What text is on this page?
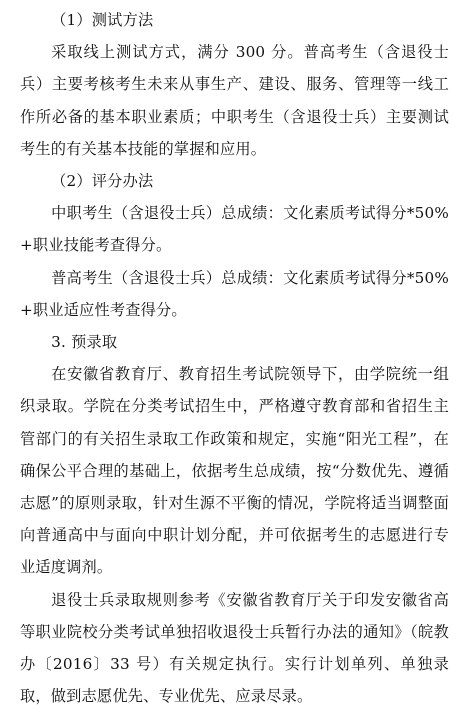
（1）测试方法

采取线上测试方式，满分 300 分。普高考生（含退役士兵）主要考核考生未来从事生产、建设、服务、管理等一线工作所必备的基本职业素质；中职考生（含退役士兵）主要测试考生的有关基本技能的掌握和应用。

（2）评分办法

中职考生（含退役士兵）总成绩：文化素质考试得分*50%+职业技能考查得分。

普高考生（含退役士兵）总成绩：文化素质考试得分*50%+职业适应性考查得分。

3. 预录取

在安徽省教育厅、教育招生考试院领导下，由学院统一组织录取。学院在分类考试招生中，严格遵守教育部和省招生主管部门的有关招生录取工作政策和规定，实施“阳光工程”，在确保公平合理的基础上，依据考生总成绩，按“分数优先、遵循志愿”的原则录取，针对生源不平衡的情况，学院将适当调整面向普通高中与面向中职计划分配，并可依据考生的志愿进行专业适度调剂。

退役士兵录取规则参考《安徽省教育厅关于印发安徽省高等职业院校分类考试单独招收退役士兵暂行办法的通知》（皖教办〔2016〕33 号）有关规定执行。实行计划单列、单独录取，做到志愿优先、专业优先、应录尽录。
